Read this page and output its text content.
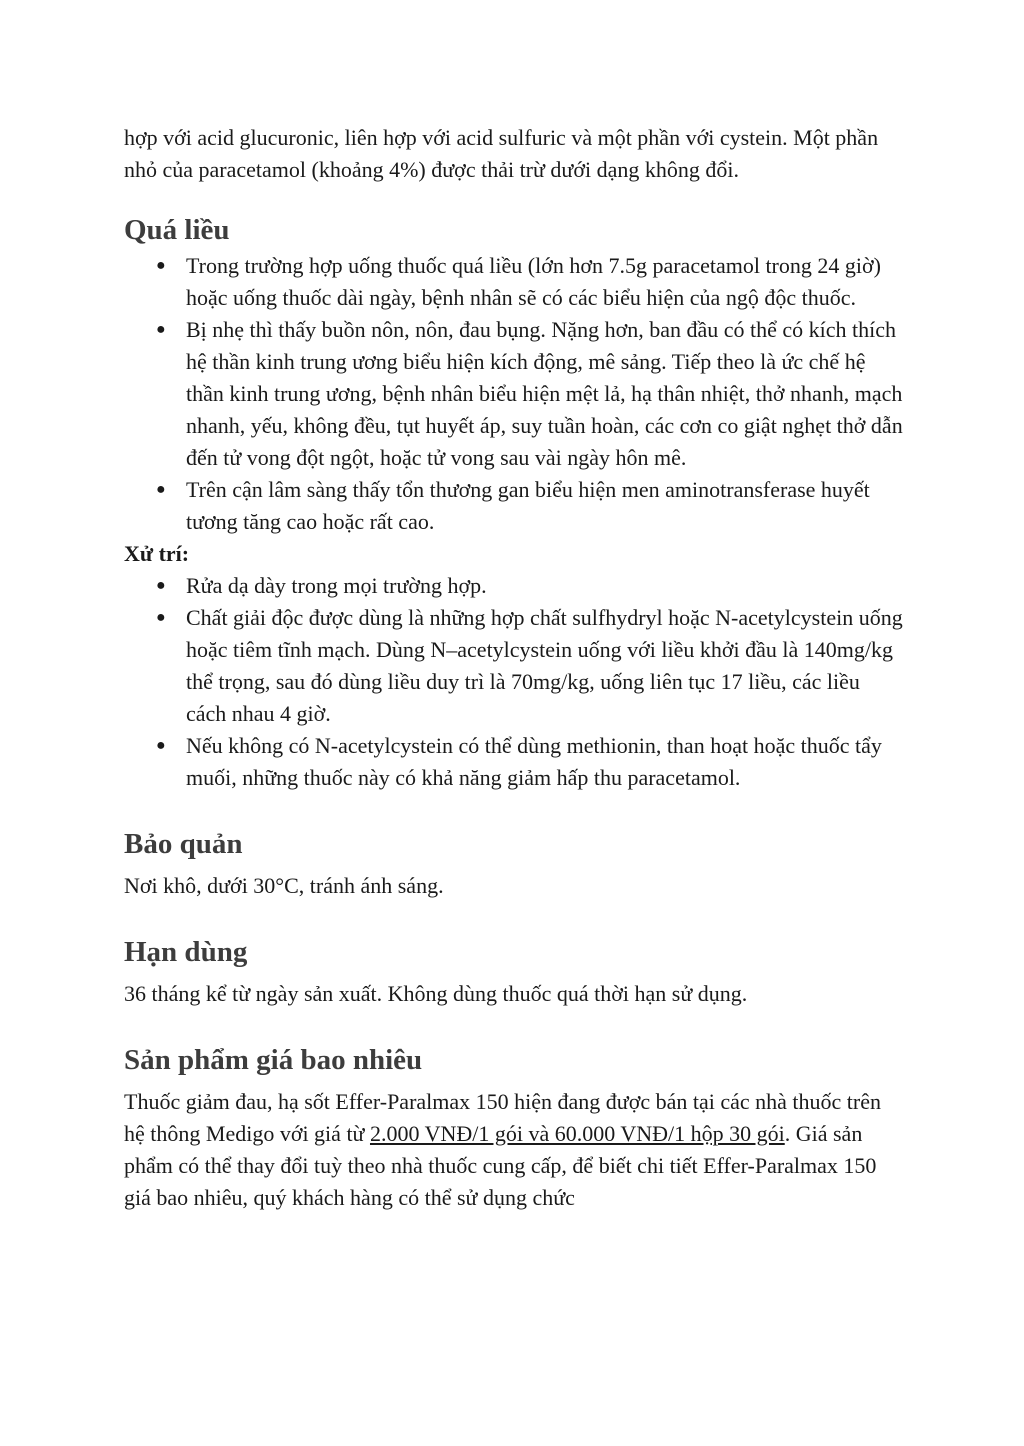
hợp với acid glucuronic, liên hợp với acid sulfuric và một phần với cystein. Một phần nhỏ của paracetamol (khoảng 4%) được thải trừ dưới dạng không đổi.

Quá liều
● Trong trường hợp uống thuốc quá liều (lớn hơn 7.5g paracetamol trong 24 giờ) hoặc uống thuốc dài ngày, bệnh nhân sẽ có các biểu hiện của ngộ độc thuốc.
● Bị nhẹ thì thấy buồn nôn, nôn, đau bụng. Nặng hơn, ban đầu có thể có kích thích hệ thần kinh trung ương biểu hiện kích động, mê sảng. Tiếp theo là ức chế hệ thần kinh trung ương, bệnh nhân biểu hiện mệt lả, hạ thân nhiệt, thở nhanh, mạch nhanh, yếu, không đều, tụt huyết áp, suy tuần hoàn, các cơn co giật nghẹt thở dẫn đến tử vong đột ngột, hoặc tử vong sau vài ngày hôn mê.
● Trên cận lâm sàng thấy tổn thương gan biểu hiện men aminotransferase huyết tương tăng cao hoặc rất cao.
Xử trí:
● Rửa dạ dày trong mọi trường hợp.
● Chất giải độc được dùng là những hợp chất sulfhydryl hoặc N-acetylcystein uống hoặc tiêm tĩnh mạch. Dùng N–acetylcystein uống với liều khởi đầu là 140mg/kg thể trọng, sau đó dùng liều duy trì là 70mg/kg, uống liên tục 17 liều, các liều cách nhau 4 giờ.
● Nếu không có N-acetylcystein có thể dùng methionin, than hoạt hoặc thuốc tẩy muối, những thuốc này có khả năng giảm hấp thu paracetamol.
Bảo quản

Nơi khô, dưới 30°C, tránh ánh sáng.

Hạn dùng

36 tháng kể từ ngày sản xuất. Không dùng thuốc quá thời hạn sử dụng.

Sản phẩm giá bao nhiêu

Thuốc giảm đau, hạ sốt Effer-Paralmax 150 hiện đang được bán tại các nhà thuốc trên hệ thông Medigo với giá từ 2.000 VNĐ/1 gói và 60.000 VNĐ/1 hộp 30 gói. Giá sản phẩm có thể thay đổi tuỳ theo nhà thuốc cung cấp, để biết chi tiết Effer-Paralmax 150 giá bao nhiêu, quý khách hàng có thể sử dụng chức
